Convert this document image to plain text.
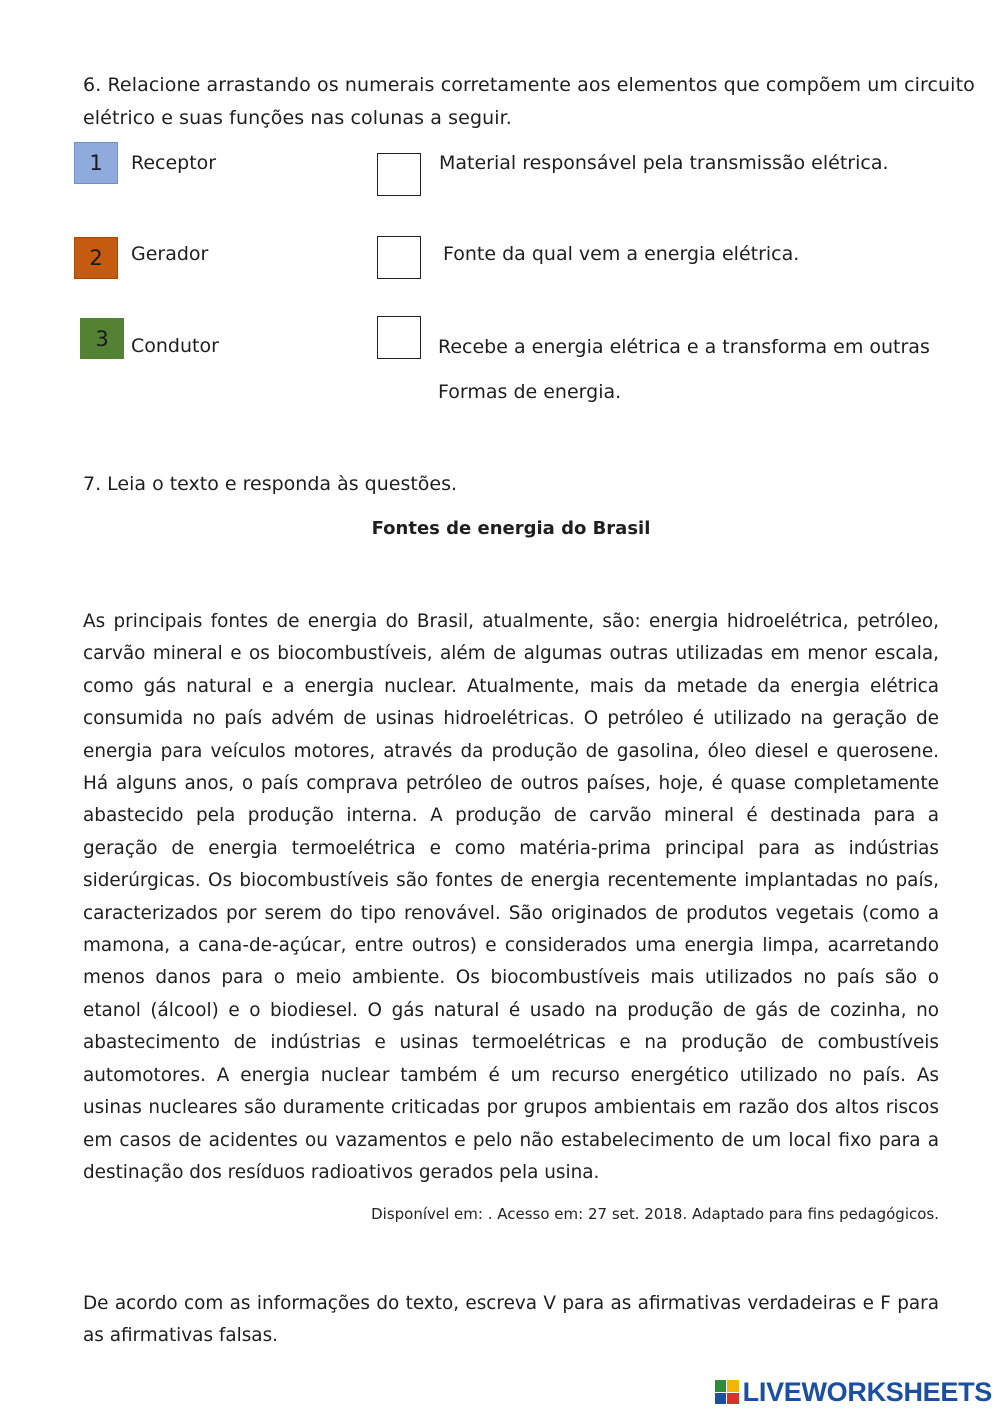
6. Relacione arrastando os numerais corretamente aos elementos que compõem um circuito
elétrico e suas funções nas colunas a seguir.
1
2
3
Receptor
Gerador
Condutor
Material responsável pela transmissão elétrica.
Fonte da qual vem a energia elétrica.
Recebe a energia elétrica e a transforma em outras
Formas de energia.
7. Leia o texto e responda às questões.
Fontes de energia do Brasil
As principais fontes de energia do Brasil, atualmente, são: energia hidroelétrica, petróleo, carvão mineral e os biocombustíveis, além de algumas outras utilizadas em menor escala, como gás natural e a energia nuclear. Atualmente, mais da metade da energia elétrica consumida no país advém de usinas hidroelétricas. O petróleo é utilizado na geração de energia para veículos motores, através da produção de gasolina, óleo diesel e querosene. Há alguns anos, o país comprava petróleo de outros países, hoje, é quase completamente abastecido pela produção interna. A produção de carvão mineral é destinada para a geração de energia termoelétrica e como matéria-prima principal para as indústrias siderúrgicas. Os biocombustíveis são fontes de energia recentemente implantadas no país, caracterizados por serem do tipo renovável. São originados de produtos vegetais (como a mamona, a cana-de-açúcar, entre outros) e considerados uma energia limpa, acarretando menos danos para o meio ambiente. Os biocombustíveis mais utilizados no país são o etanol (álcool) e o biodiesel. O gás natural é usado na produção de gás de cozinha, no abastecimento de indústrias e usinas termoelétricas e na produção de combustíveis automotores. A energia nuclear também é um recurso energético utilizado no país. As usinas nucleares são duramente criticadas por grupos ambientais em razão dos altos riscos em casos de acidentes ou vazamentos e pelo não estabelecimento de um local fixo para a destinação dos resíduos radioativos gerados pela usina.
Disponível em: . Acesso em: 27 set. 2018. Adaptado para fins pedagógicos.
De acordo com as informações do texto, escreva V para as afirmativas verdadeiras e F para as afirmativas falsas.
LIVEWORKSHEETS
